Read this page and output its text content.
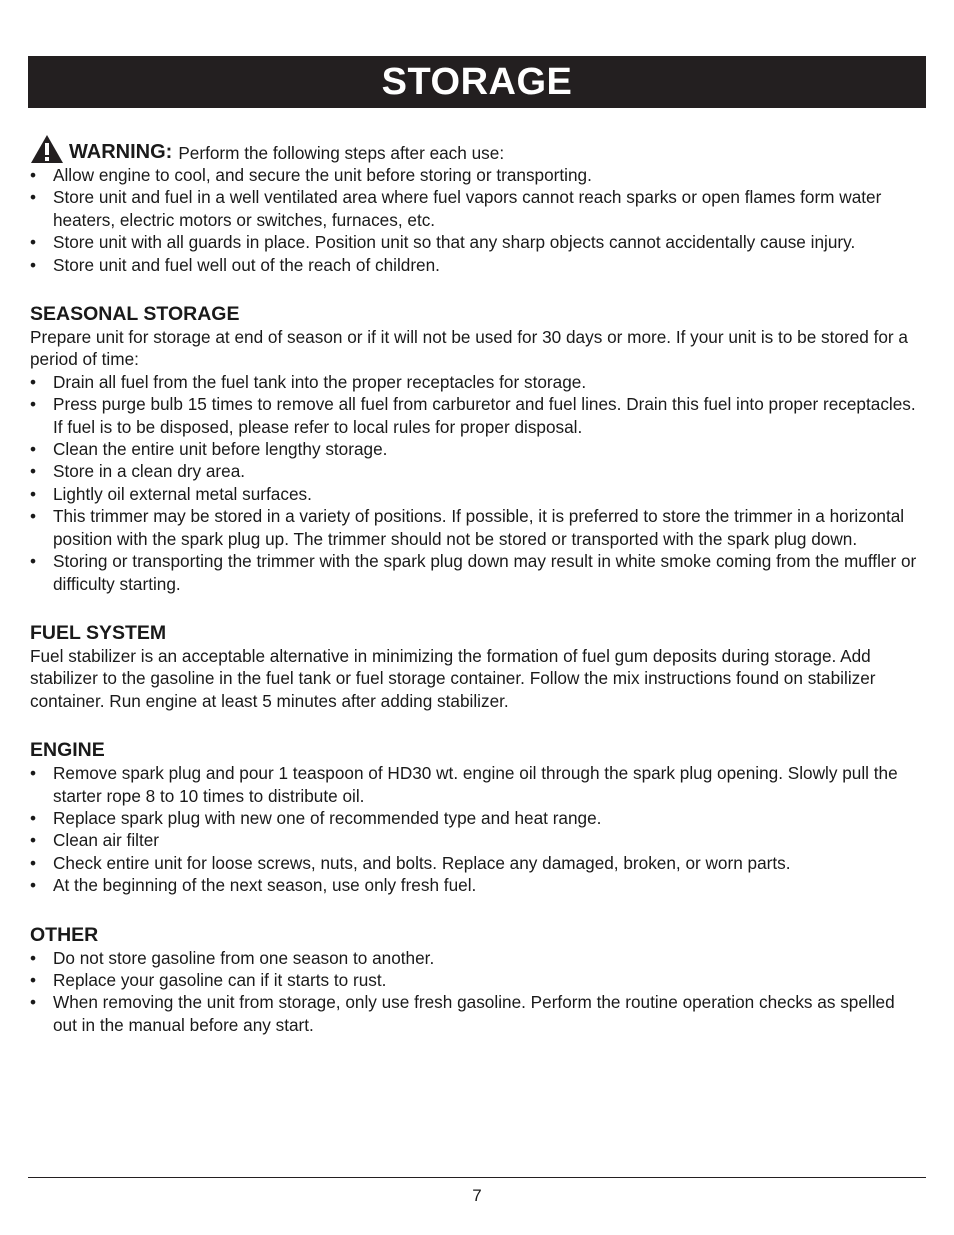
STORAGE
WARNING: Perform the following steps after each use:
• Allow engine to cool, and secure the unit before storing or transporting.
• Store unit and fuel in a well ventilated area where fuel vapors cannot reach sparks or open flames form water heaters, electric motors or switches, furnaces, etc.
• Store unit with all guards in place. Position unit so that any sharp objects cannot accidentally cause injury.
• Store unit and fuel well out of the reach of children.
SEASONAL STORAGE

Prepare unit for storage at end of season or if it will not be used for 30 days or more. If your unit is to be stored for a period of time:

• Drain all fuel from the fuel tank into the proper receptacles for storage.
• Press purge bulb 15 times to remove all fuel from carburetor and fuel lines. Drain this fuel into proper receptacles. If fuel is to be disposed, please refer to local rules for proper disposal.
• Clean the entire unit before lengthy storage.
• Store in a clean dry area.
• Lightly oil external metal surfaces.
• This trimmer may be stored in a variety of positions. If possible, it is preferred to store the trimmer in a horizontal position with the spark plug up. The trimmer should not be stored or transported with the spark plug down.
• Storing or transporting the trimmer with the spark plug down may result in white smoke coming from the muffler or difficulty starting.
FUEL SYSTEM

Fuel stabilizer is an acceptable alternative in minimizing the formation of fuel gum deposits during storage. Add stabilizer to the gasoline in the fuel tank or fuel storage container. Follow the mix instructions found on stabilizer container. Run engine at least 5 minutes after adding stabilizer.

ENGINE
• Remove spark plug and pour 1 teaspoon of HD30 wt. engine oil through the spark plug opening. Slowly pull the starter rope 8 to 10 times to distribute oil.
• Replace spark plug with new one of recommended type and heat range.
• Clean air filter
• Check entire unit for loose screws, nuts, and bolts. Replace any damaged, broken, or worn parts.
• At the beginning of the next season, use only fresh fuel.
OTHER
• Do not store gasoline from one season to another.
• Replace your gasoline can if it starts to rust.
• When removing the unit from storage, only use fresh gasoline. Perform the routine operation checks as spelled out in the manual before any start.
7
